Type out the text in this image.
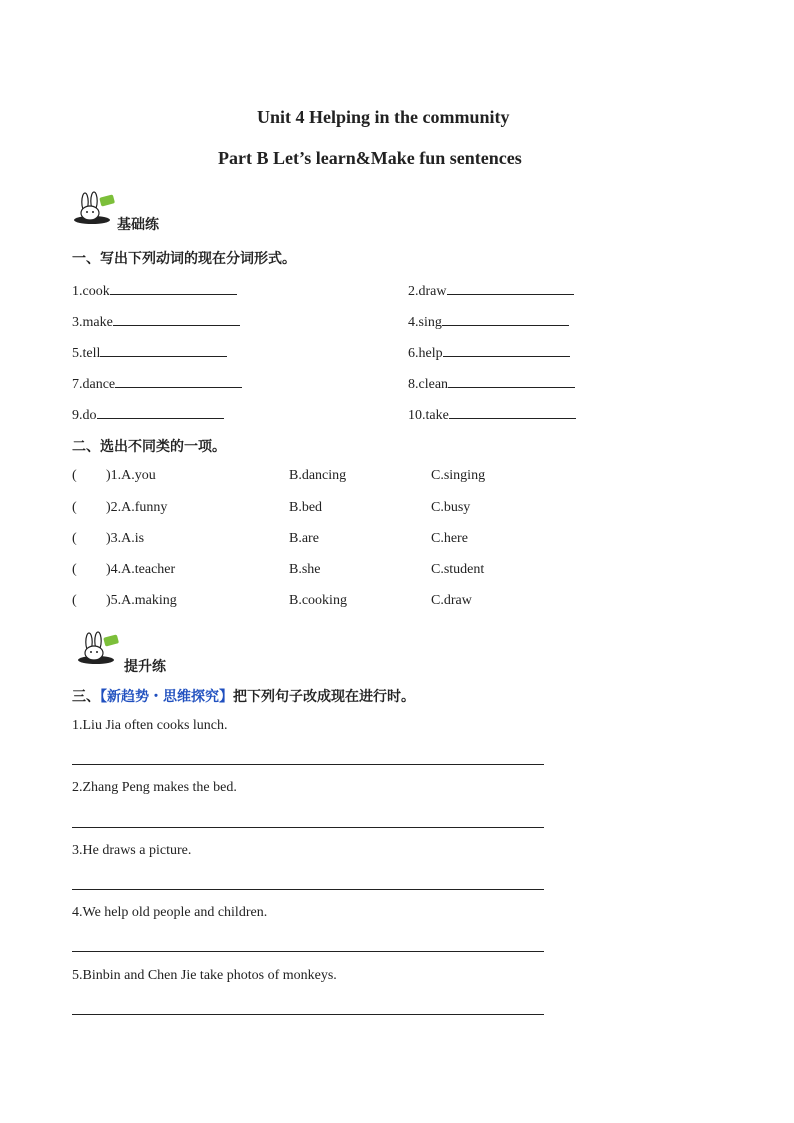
Unit 4 Helping in the community
Part B Let’s learn&Make fun sentences
基础练
一、写出下列动词的现在分词形式。
1.cook	2.draw
3.make	4.sing
5.tell	6.help
7.dance	8.clean
9.do	10.take
二、选出不同类的一项。
( )1.A.you	B.dancing	C.singing
( )2.A.funny	B.bed	C.busy
( )3.A.is	B.are	C.here
( )4.A.teacher	B.she	C.student
( )5.A.making	B.cooking	C.draw
提升练
三、【新趋势・思维探究】把下列句子改成现在进行时。
1.Liu Jia often cooks lunch.
2.Zhang Peng makes the bed.
3.He draws a picture.
4.We help old people and children.
5.Binbin and Chen Jie take photos of monkeys.
